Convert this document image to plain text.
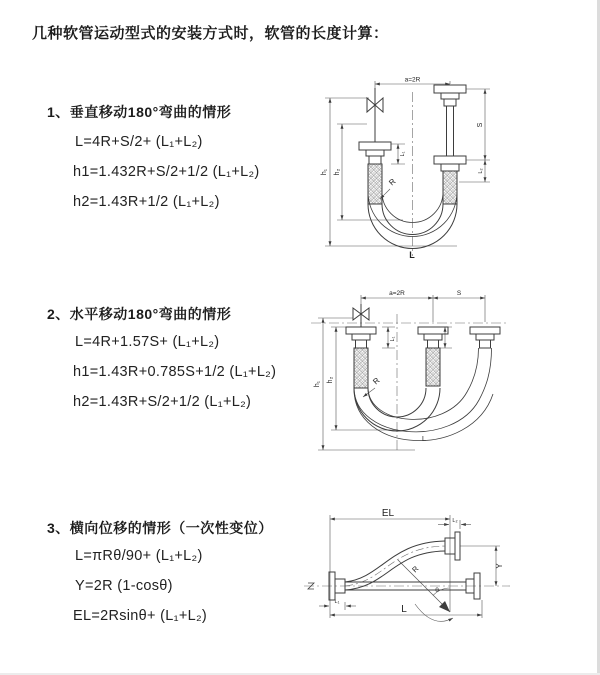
几种软管运动型式的安装方式时，软管的长度计算：
1、垂直移动180°弯曲的情形
L=4R+S/2+ (L₁+L₂)
h1=1.432R+S/2+1/2 (L₁+L₂)
h2=1.43R+1/2 (L₁+L₂)
2、水平移动180°弯曲的情形
L=4R+1.57S+ (L₁+L₂)
h1=1.43R+0.785S+1/2 (L₁+L₂)
h2=1.43R+S/2+1/2 (L₁+L₂)
3、横向位移的情形（一次性变位）
L=πRθ/90+ (L₁+L₂)
Y=2R (1-cosθ)
EL=2Rsinθ+ (L₁+L₂)
a=2R
h₁ h₂
L₁
S
L₂
R
L
a=2R	S
h₁
h₂
L₁
R
L
EL
L₂
Y
R
θ
L
L₁
